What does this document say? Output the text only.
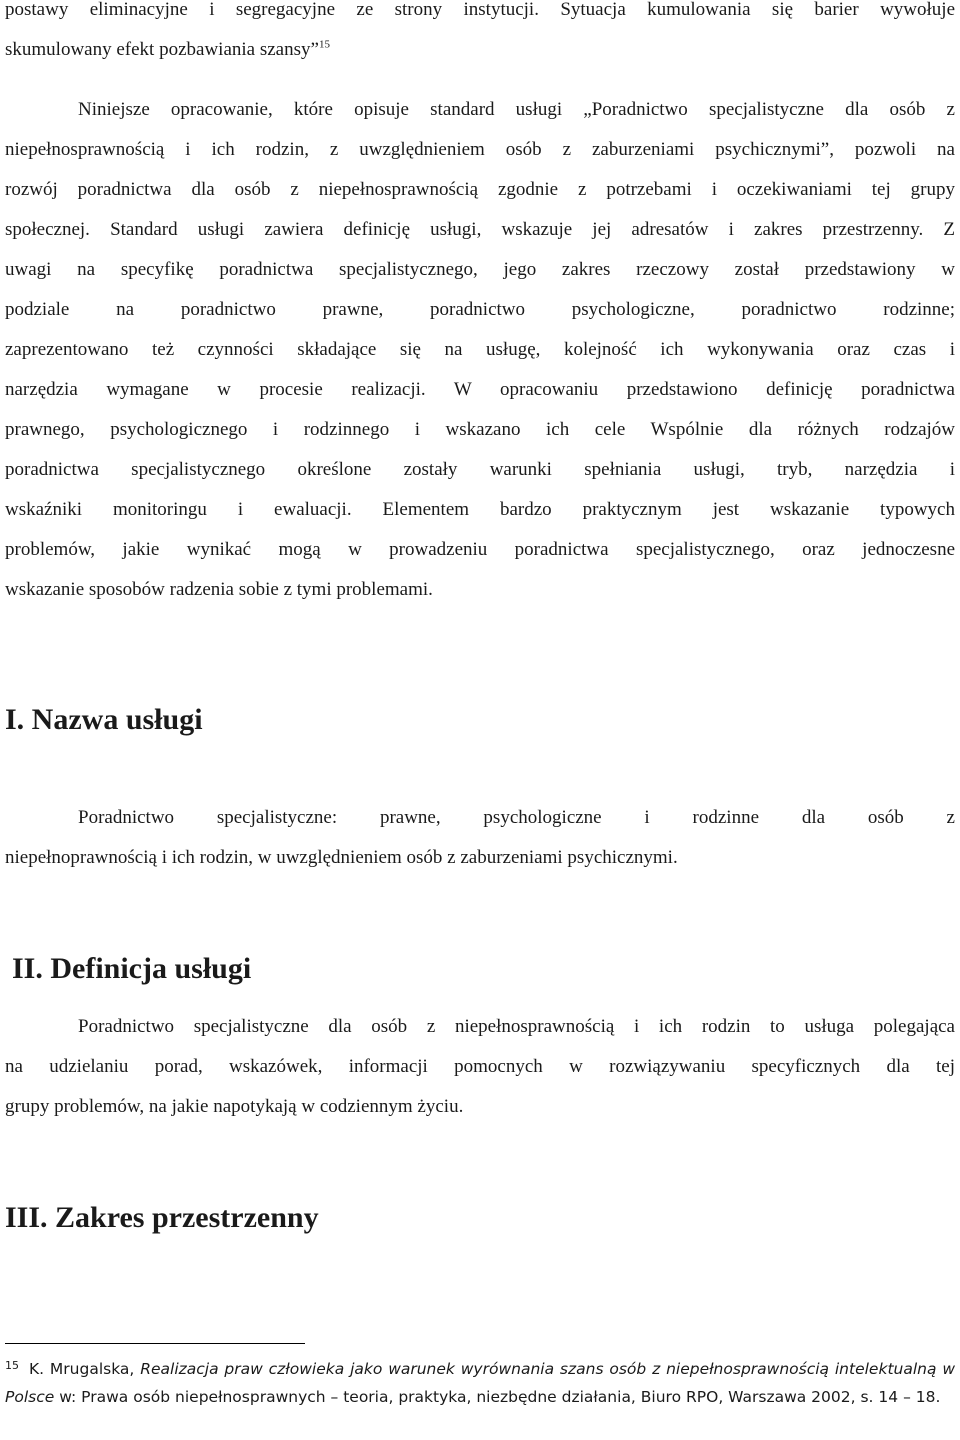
postawy eliminacyjne i segregacyjne ze strony instytucji. Sytuacja kumulowania się barier wywołuje
skumulowany efekt pozbawiania szansy”$^{15}$
Niniejsze opracowanie, które opisuje standard usługi „Poradnictwo specjalistyczne dla osób z
niepełnosprawnością i ich rodzin, z uwzględnieniem osób z zaburzeniami psychicznymi”, pozwoli na
rozwój poradnictwa dla osób z niepełnosprawnością zgodnie z potrzebami i oczekiwaniami tej grupy
społecznej. Standard usługi zawiera definicję usługi, wskazuje jej adresatów i zakres przestrzenny. Z
uwagi na specyfikę poradnictwa specjalistycznego, jego zakres rzeczowy został przedstawiony w
podziale na poradnictwo prawne, poradnictwo psychologiczne, poradnictwo rodzinne;
zaprezentowano też czynności składające się na usługę, kolejność ich wykonywania oraz czas i
narzędzia wymagane w procesie realizacji. W opracowaniu przedstawiono definicję poradnictwa
prawnego, psychologicznego i rodzinnego i wskazano ich cele Wspólnie dla różnych rodzajów
poradnictwa specjalistycznego określone zostały warunki spełniania usługi, tryb, narzędzia i
wskaźniki monitoringu i ewaluacji. Elementem bardzo praktycznym jest wskazanie typowych
problemów, jakie wynikać mogą w prowadzeniu poradnictwa specjalistycznego, oraz jednoczesne
wskazanie sposobów radzenia sobie z tymi problemami.
I. Nazwa usługi
Poradnictwo specjalistyczne: prawne, psychologiczne i rodzinne dla osób z
niepełnoprawnością i ich rodzin, w uwzględnieniem osób z zaburzeniami psychicznymi.
II. Definicja usługi
Poradnictwo specjalistyczne dla osób z niepełnosprawnością i ich rodzin to usługa polegająca
na udzielaniu porad, wskazówek, informacji pomocnych w rozwiązywaniu specyficznych dla tej
grupy problemów, na jakie napotykają w codziennym życiu.
III. Zakres przestrzenny
$^{15}$ K. Mrugalska, Realizacja praw człowieka jako warunek wyrównania szans osób z niepełnosprawnością intelektualną w Polsce w: Prawa osób niepełnosprawnych – teoria, praktyka, niezbędne działania, Biuro RPO, Warszawa 2002, s. 14 – 18.
